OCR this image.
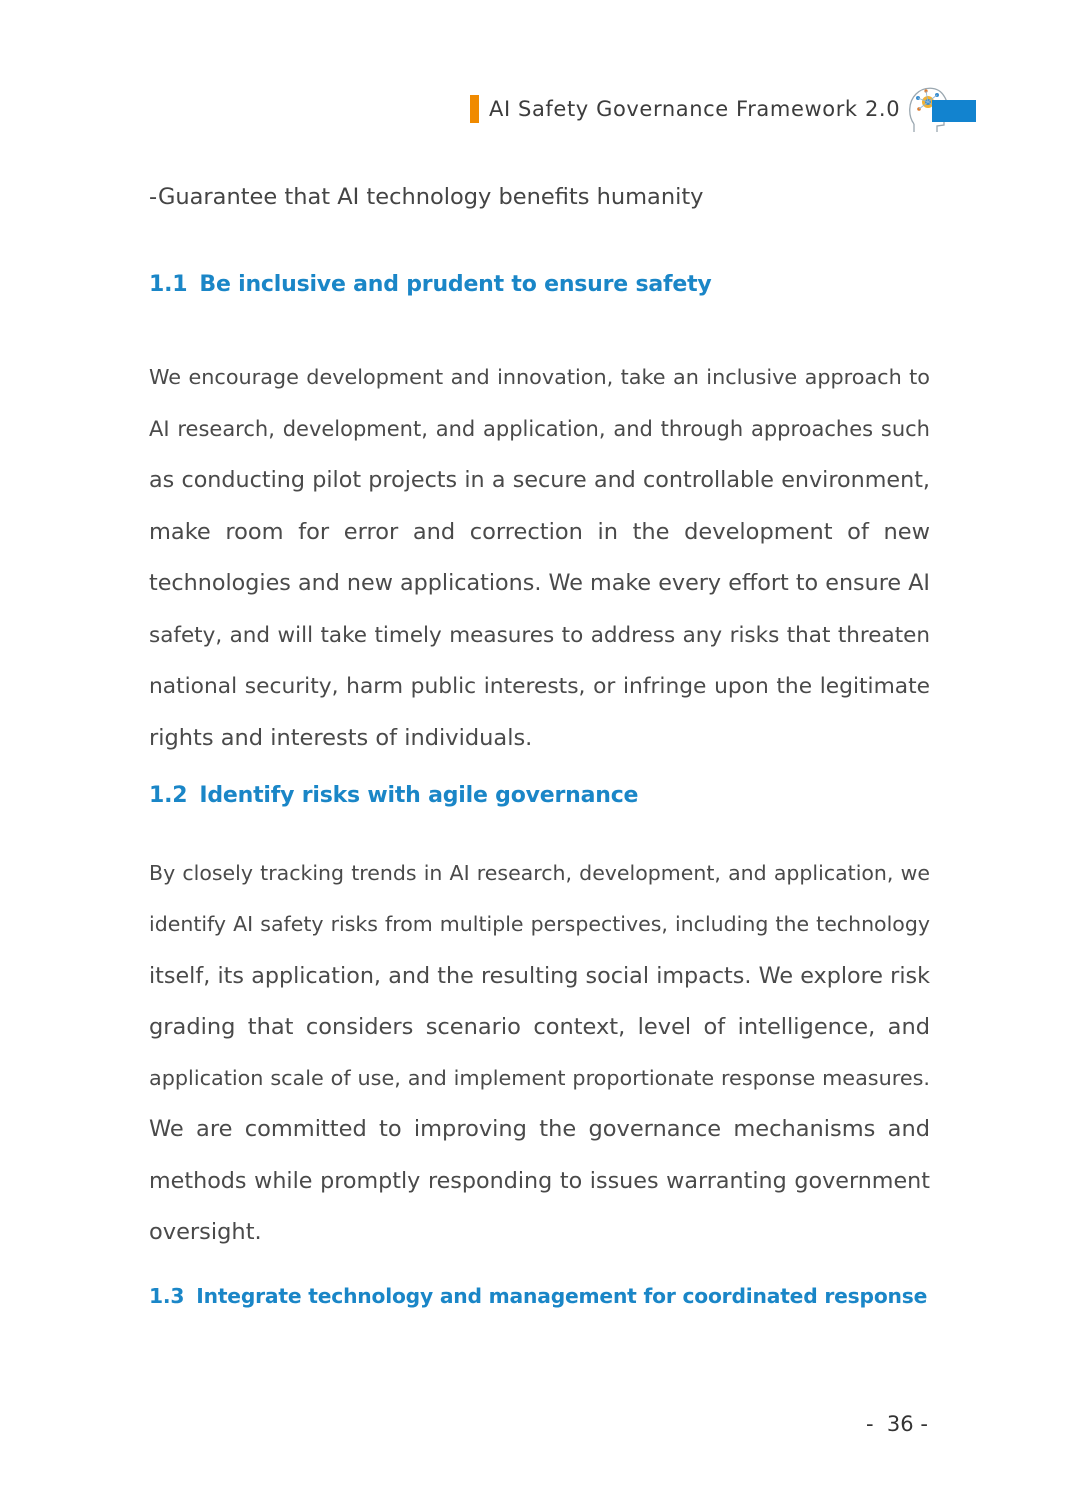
AI Safety Governance Framework 2.0
-Guarantee that AI technology benefits humanity
1.1 Be inclusive and prudent to ensure safety
We encourage development and innovation, take an inclusive approach to
AI research, development, and application, and through approaches such
as conducting pilot projects in a secure and controllable environment,
make room for error and correction in the development of new
technologies and new applications. We make every effort to ensure AI
safety, and will take timely measures to address any risks that threaten
national security, harm public interests, or infringe upon the legitimate
rights and interests of individuals.
1.2 Identify risks with agile governance
By closely tracking trends in AI research, development, and application, we
identify AI safety risks from multiple perspectives, including the technology
itself, its application, and the resulting social impacts. We explore risk
grading that considers scenario context, level of intelligence, and
application scale of use, and implement proportionate response measures.
We are committed to improving the governance mechanisms and
methods while promptly responding to issues warranting government
oversight.
1.3 Integrate technology and management for coordinated response
-  36 -
